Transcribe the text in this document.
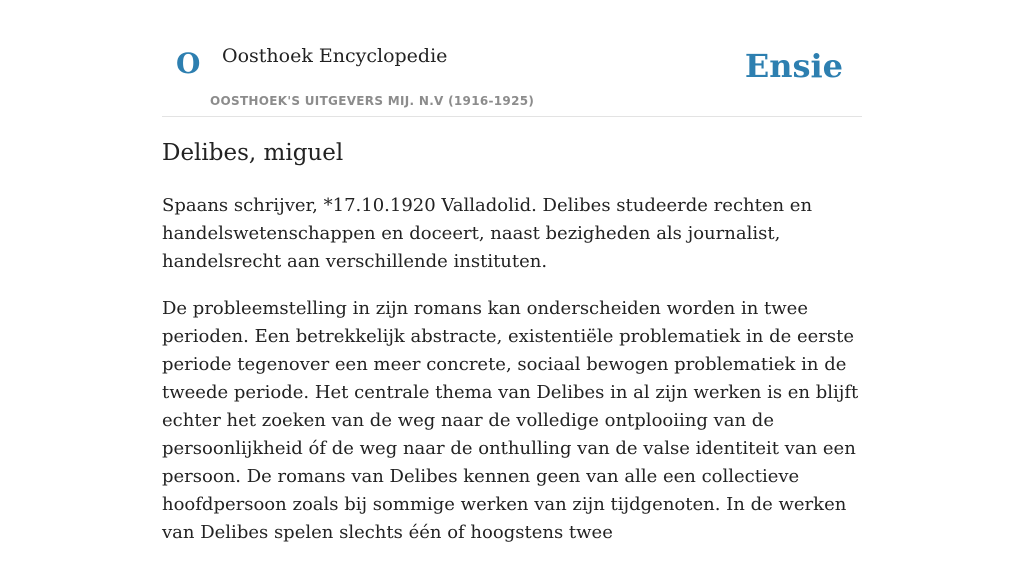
O Oosthoek Encyclopedie
OOSTHOEK'S UITGEVERS MIJ. N.V (1916-1925)
Ensie
Delibes, miguel

Spaans schrijver, *17.10.1920 Valladolid. Delibes studeerde rechten en handelswetenschappen en doceert, naast bezigheden als journalist, handelsrecht aan verschillende instituten.

De probleemstelling in zijn romans kan onderscheiden worden in twee perioden. Een betrekkelijk abstracte, existentiële problematiek in de eerste periode tegenover een meer concrete, sociaal bewogen problematiek in de tweede periode. Het centrale thema van Delibes in al zijn werken is en blijft echter het zoeken van de weg naar de volledige ontplooiing van de persoonlijkheid óf de weg naar de onthulling van de valse identiteit van een persoon. De romans van Delibes kennen geen van alle een collectieve hoofdpersoon zoals bij sommige werken van zijn tijdgenoten. In de werken van Delibes spelen slechts één of hoogstens twee
